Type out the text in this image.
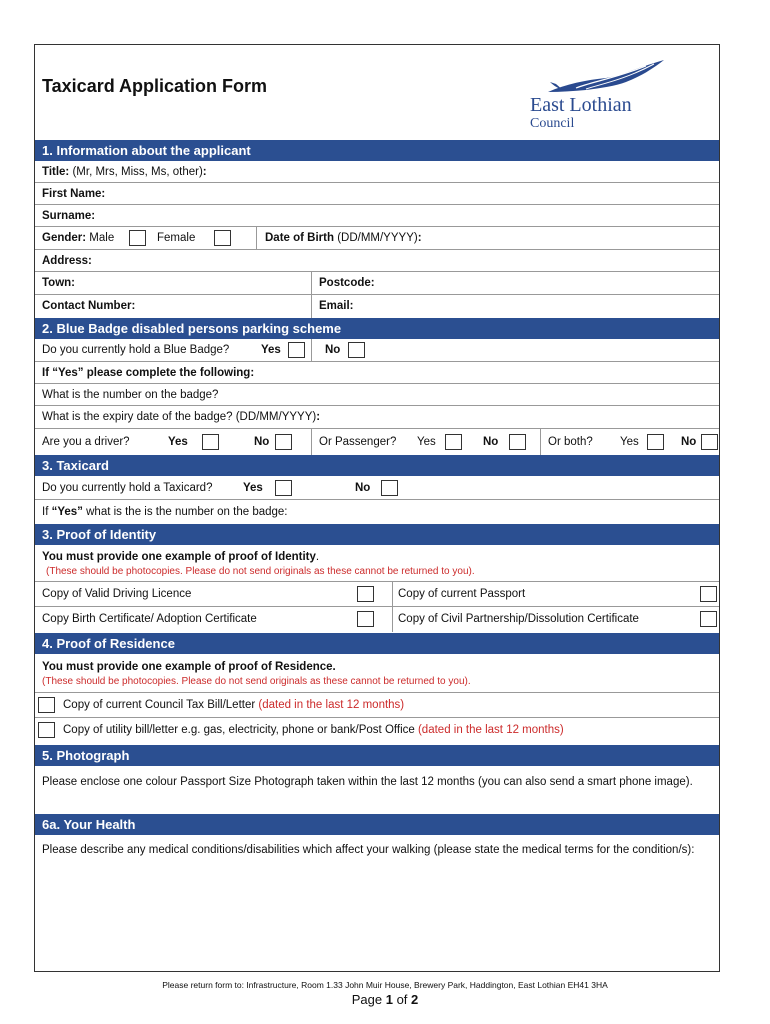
Taxicard Application Form
East Lothian
Council
1. Information about the applicant
Title: (Mr, Mrs, Miss, Ms, other):
First Name:
Surname:
Gender: Male	Female	Date of Birth (DD/MM/YYYY):
Address:
Town:	Postcode:
Contact Number:	Email:
2. Blue Badge disabled persons parking scheme
Do you currently hold a Blue Badge?	Yes	No
If “Yes” please complete the following:
What is the number on the badge?
What is the expiry date of the badge? (DD/MM/YYYY):
Are you a driver?	Yes	No	Or Passenger? Yes	No	Or both? Yes	No
3. Taxicard
Do you currently hold a Taxicard?	Yes	No
If “Yes” what is the is the number on the badge:
3. Proof of Identity
You must provide one example of proof of Identity.
(These should be photocopies. Please do not send originals as these cannot be returned to you).
Copy of Valid Driving Licence	Copy of current Passport
Copy Birth Certificate/ Adoption Certificate	Copy of Civil Partnership/Dissolution Certificate
4. Proof of Residence
You must provide one example of proof of Residence.
(These should be photocopies. Please do not send originals as these cannot be returned to you).
Copy of current Council Tax Bill/Letter (dated in the last 12 months)
Copy of utility bill/letter e.g. gas, electricity, phone or bank/Post Office (dated in the last 12 months)
5. Photograph
Please enclose one colour Passport Size Photograph taken within the last 12 months (you can also send a smart phone image).
6a. Your Health
Please describe any medical conditions/disabilities which affect your walking (please state the medical terms for the condition/s):
Please return form to: Infrastructure, Room 1.33 John Muir House, Brewery Park, Haddington, East Lothian EH41 3HA
Page 1 of 2
